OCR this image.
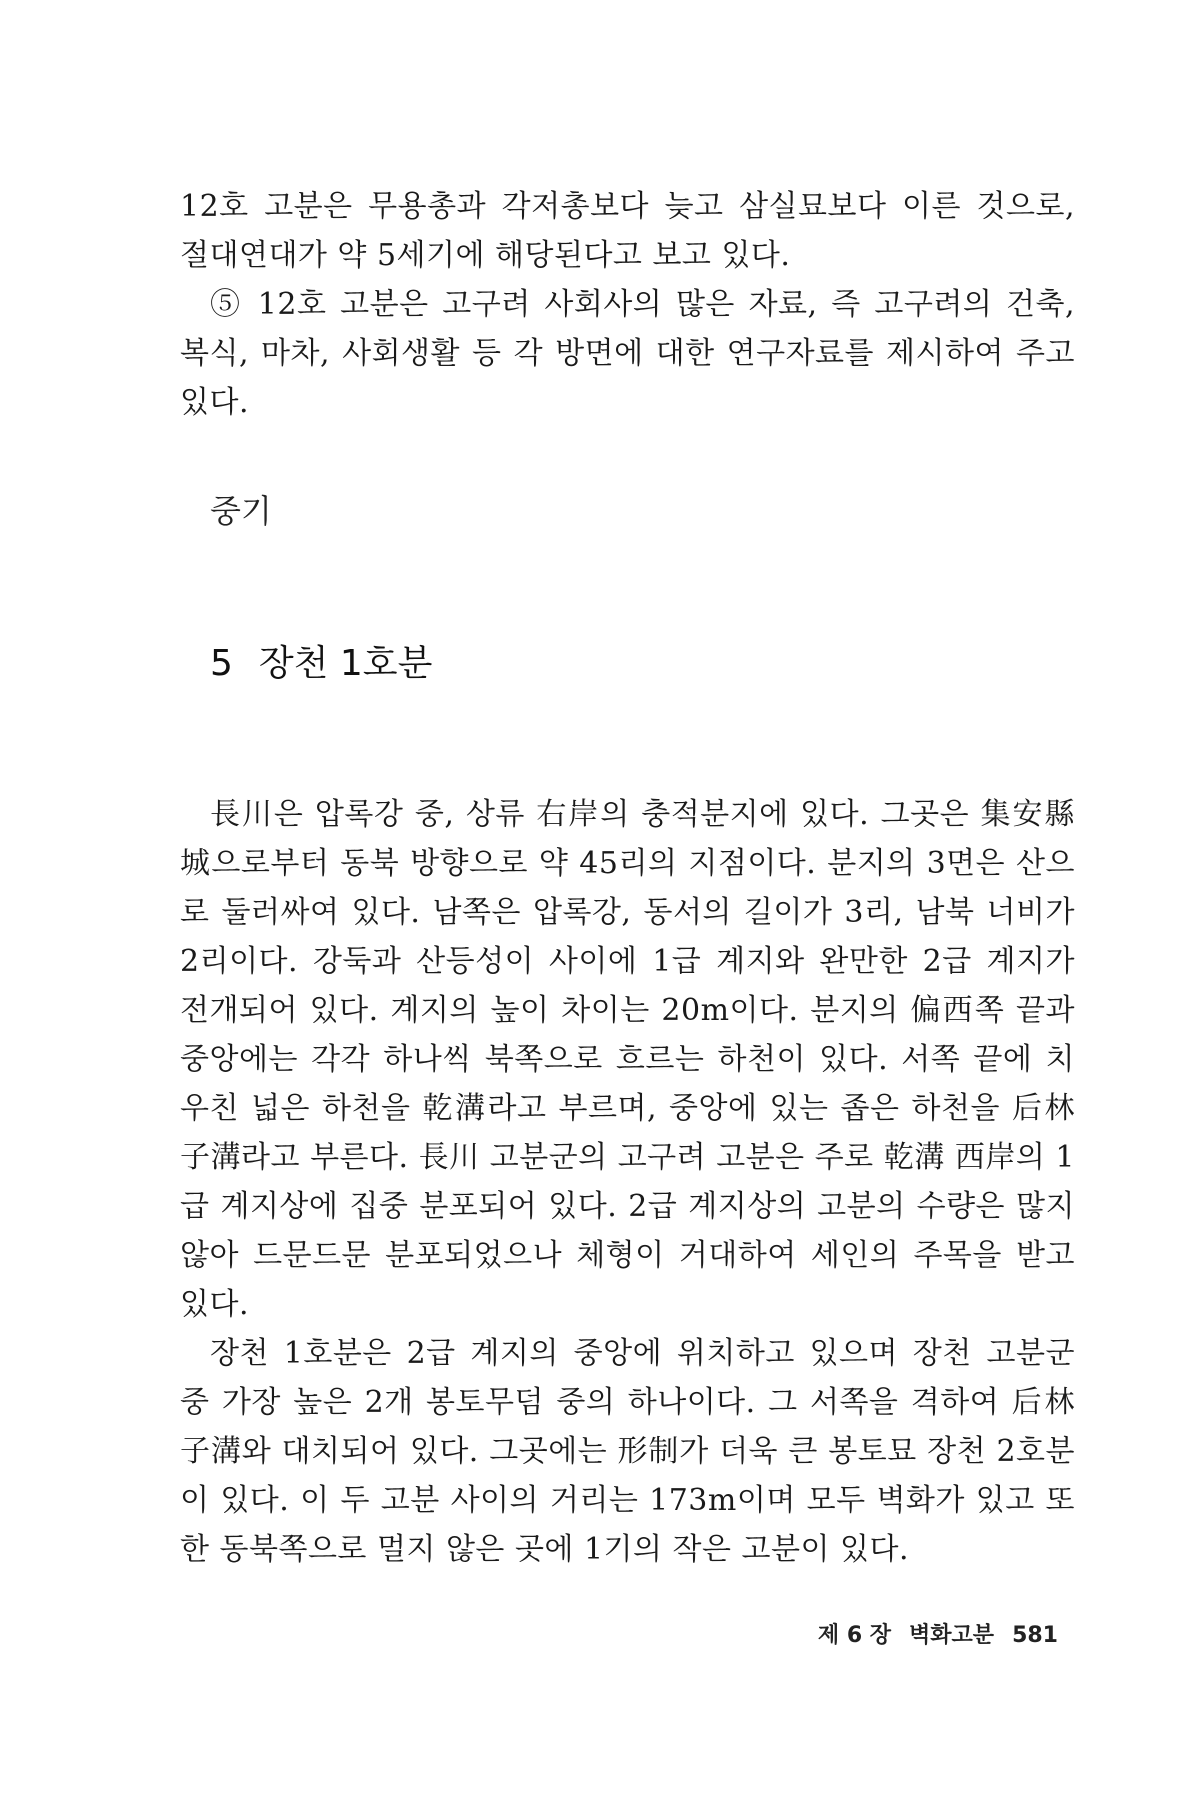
12호 고분은 무용총과 각저총보다 늦고 삼실묘보다 이른 것으로, 절대연대가 약 5세기에 해당된다고 보고 있다.

⑤ 12호 고분은 고구려 사회사의 많은 자료, 즉 고구려의 건축, 복식, 마차, 사회생활 등 각 방면에 대한 연구자료를 제시하여 주고 있다.

중기
5 장천 1호분

長川은 압록강 중, 상류 右岸의 충적분지에 있다. 그곳은 集安縣城으로부터 동북 방향으로 약 45리의 지점이다. 분지의 3면은 산으로 둘러싸여 있다. 남쪽은 압록강, 동서의 길이가 3리, 남북 너비가 2리이다. 강둑과 산등성이 사이에 1급 계지와 완만한 2급 계지가 전개되어 있다. 계지의 높이 차이는 20m이다. 분지의 偏西쪽 끝과 중앙에는 각각 하나씩 북쪽으로 흐르는 하천이 있다. 서쪽 끝에 치우친 넓은 하천을 乾溝라고 부르며, 중앙에 있는 좁은 하천을 后林子溝라고 부른다. 長川 고분군의 고구려 고분은 주로 乾溝 西岸의 1급 계지상에 집중 분포되어 있다. 2급 계지상의 고분의 수량은 많지 않아 드문드문 분포되었으나 체형이 거대하여 세인의 주목을 받고 있다.

장천 1호분은 2급 계지의 중앙에 위치하고 있으며 장천 고분군 중 가장 높은 2개 봉토무덤 중의 하나이다. 그 서쪽을 격하여 后林子溝와 대치되어 있다. 그곳에는 形制가 더욱 큰 봉토묘 장천 2호분이 있다. 이 두 고분 사이의 거리는 173m이며 모두 벽화가 있고 또한 동북쪽으로 멀지 않은 곳에 1기의 작은 고분이 있다.

제 6 장 벽화고분 581
